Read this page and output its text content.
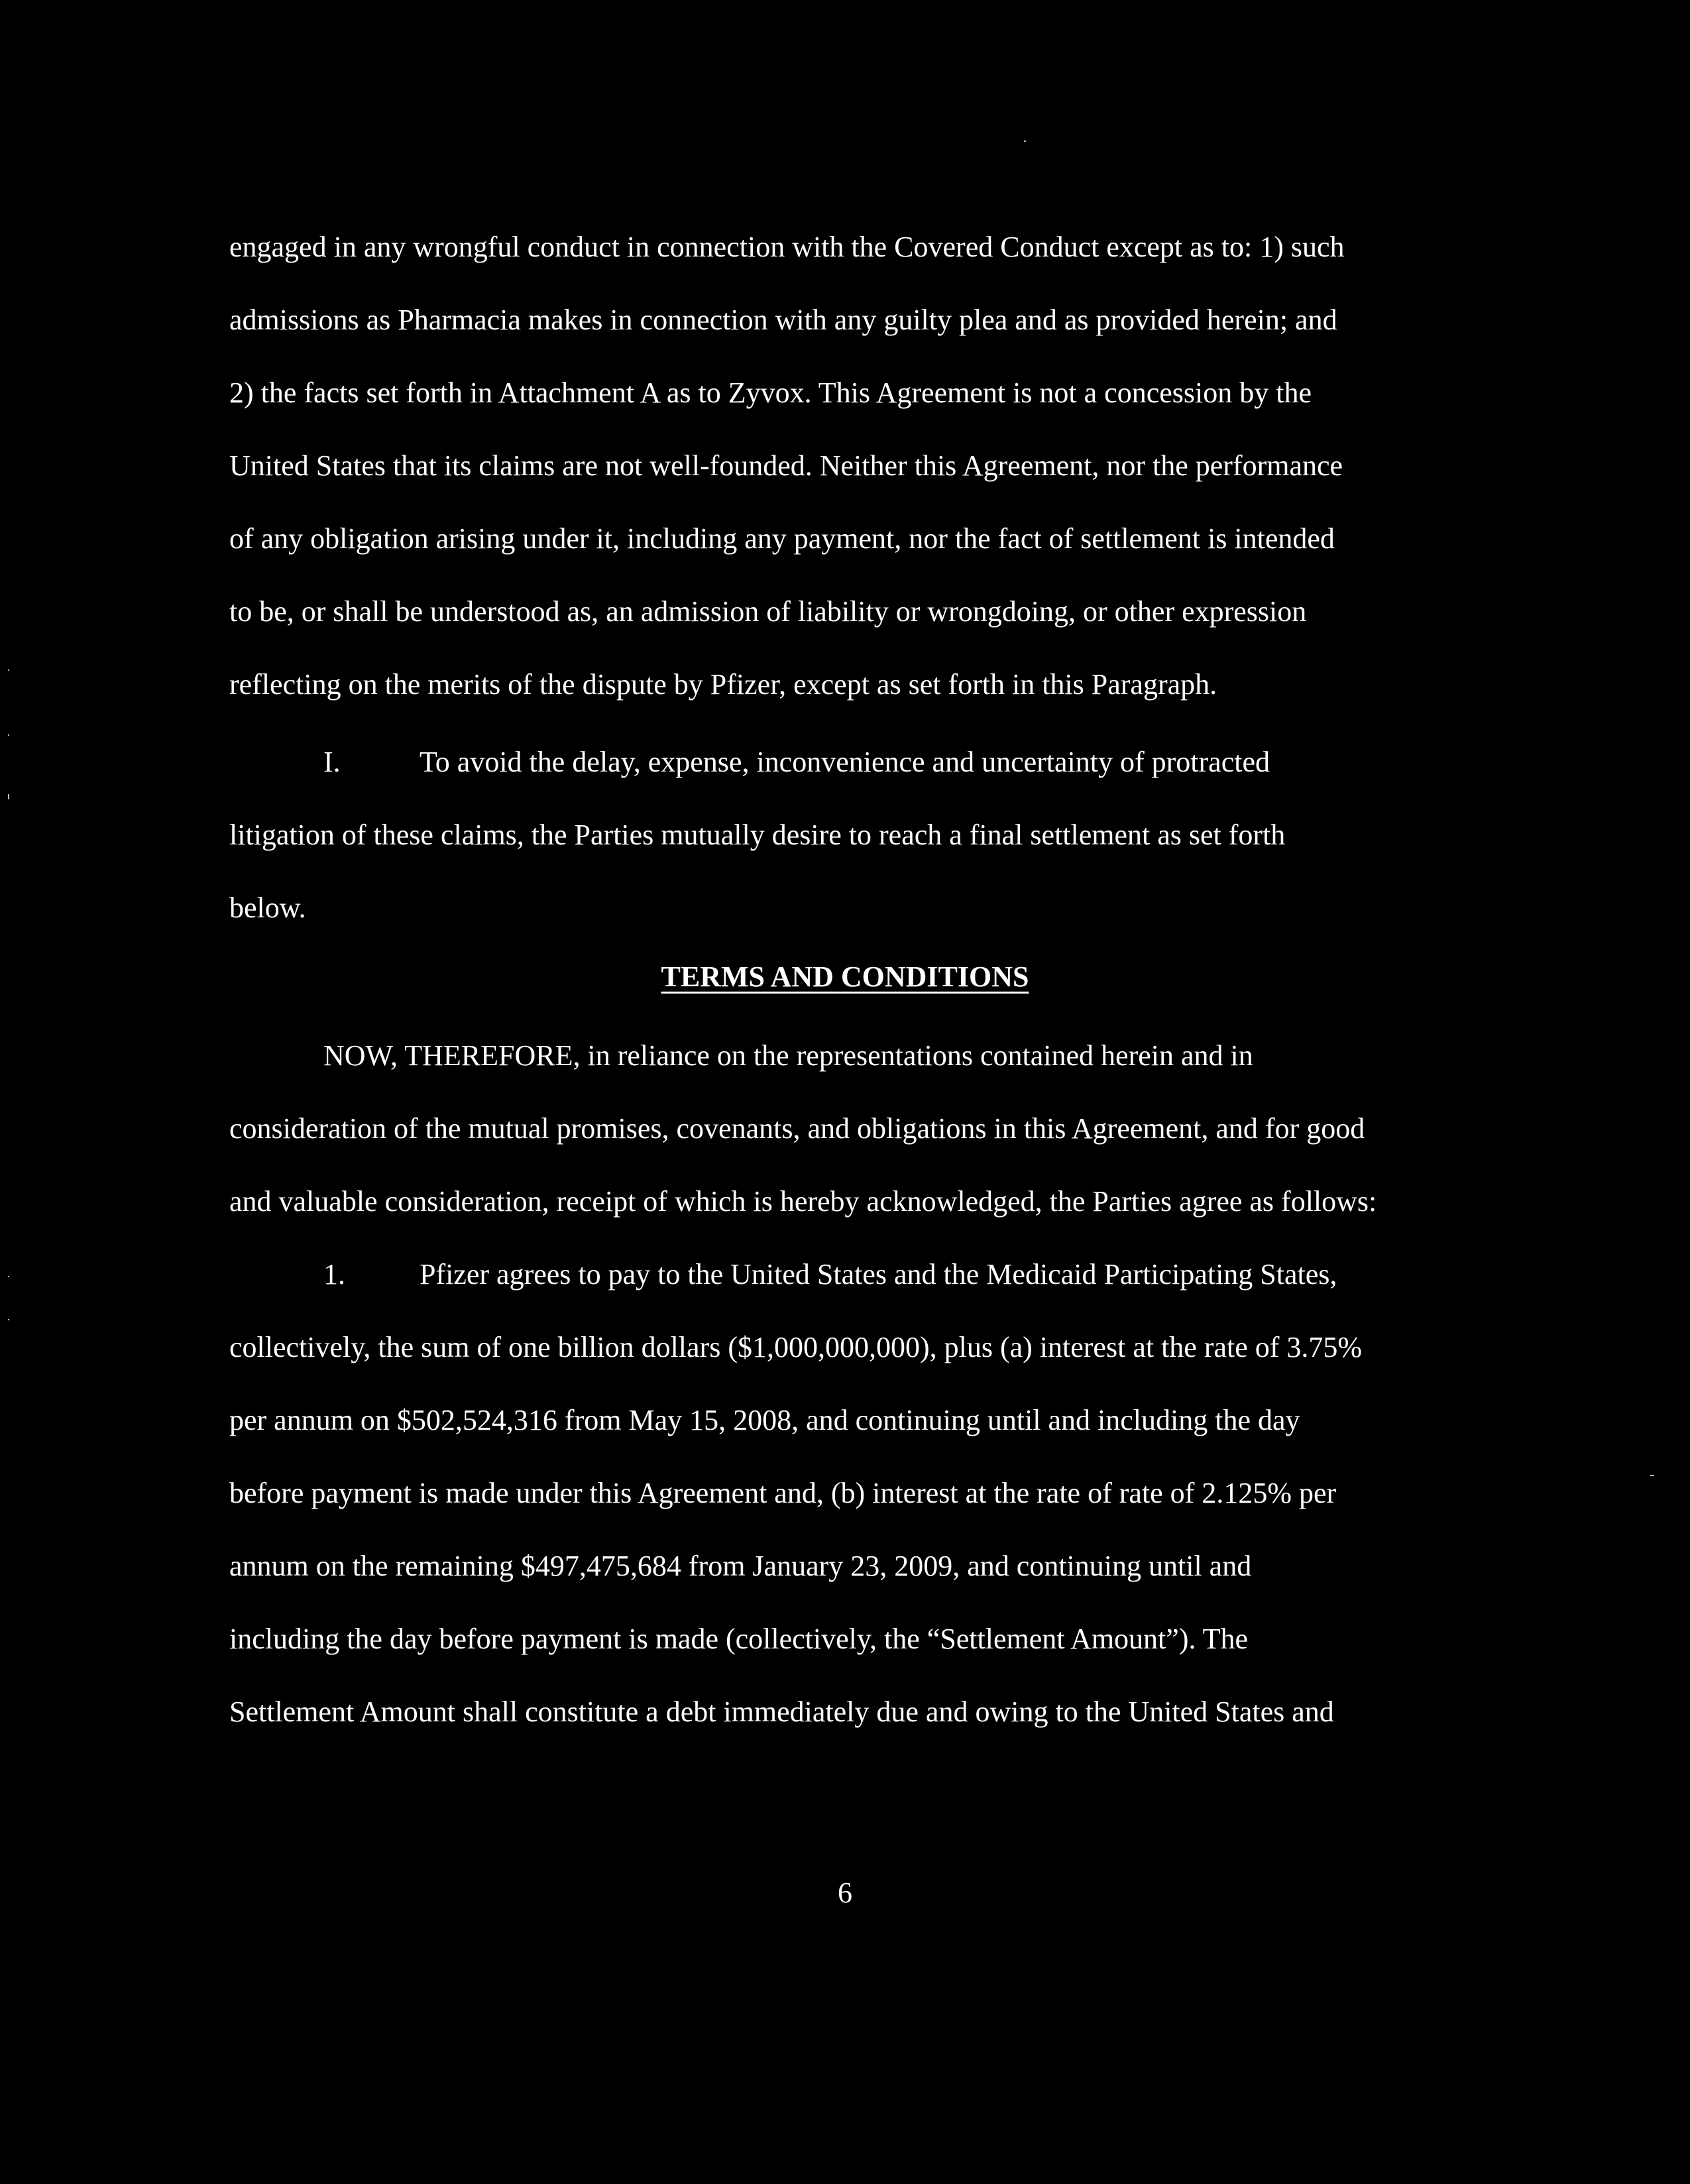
engaged in any wrongful conduct in connection with the Covered Conduct except as to: 1) such
admissions as Pharmacia makes in connection with any guilty plea and as provided herein; and
2) the facts set forth in Attachment A as to Zyvox. This Agreement is not a concession by the
United States that its claims are not well-founded. Neither this Agreement, nor the performance
of any obligation arising under it, including any payment, nor the fact of settlement is intended
to be, or shall be understood as, an admission of liability or wrongdoing, or other expression
reflecting on the merits of the dispute by Pfizer, except as set forth in this Paragraph.
I.	To avoid the delay, expense, inconvenience and uncertainty of protracted
litigation of these claims, the Parties mutually desire to reach a final settlement as set forth
below.
TERMS AND CONDITIONS
NOW, THEREFORE, in reliance on the representations contained herein and in
consideration of the mutual promises, covenants, and obligations in this Agreement, and for good
and valuable consideration, receipt of which is hereby acknowledged, the Parties agree as follows:
1.	Pfizer agrees to pay to the United States and the Medicaid Participating States,
collectively, the sum of one billion dollars ($1,000,000,000), plus (a) interest at the rate of 3.75%
per annum on $502,524,316 from May 15, 2008, and continuing until and including the day
before payment is made under this Agreement and, (b) interest at the rate of rate of 2.125% per
annum on the remaining $497,475,684 from January 23, 2009, and continuing until and
including the day before payment is made (collectively, the “Settlement Amount”). The
Settlement Amount shall constitute a debt immediately due and owing to the United States and
6
